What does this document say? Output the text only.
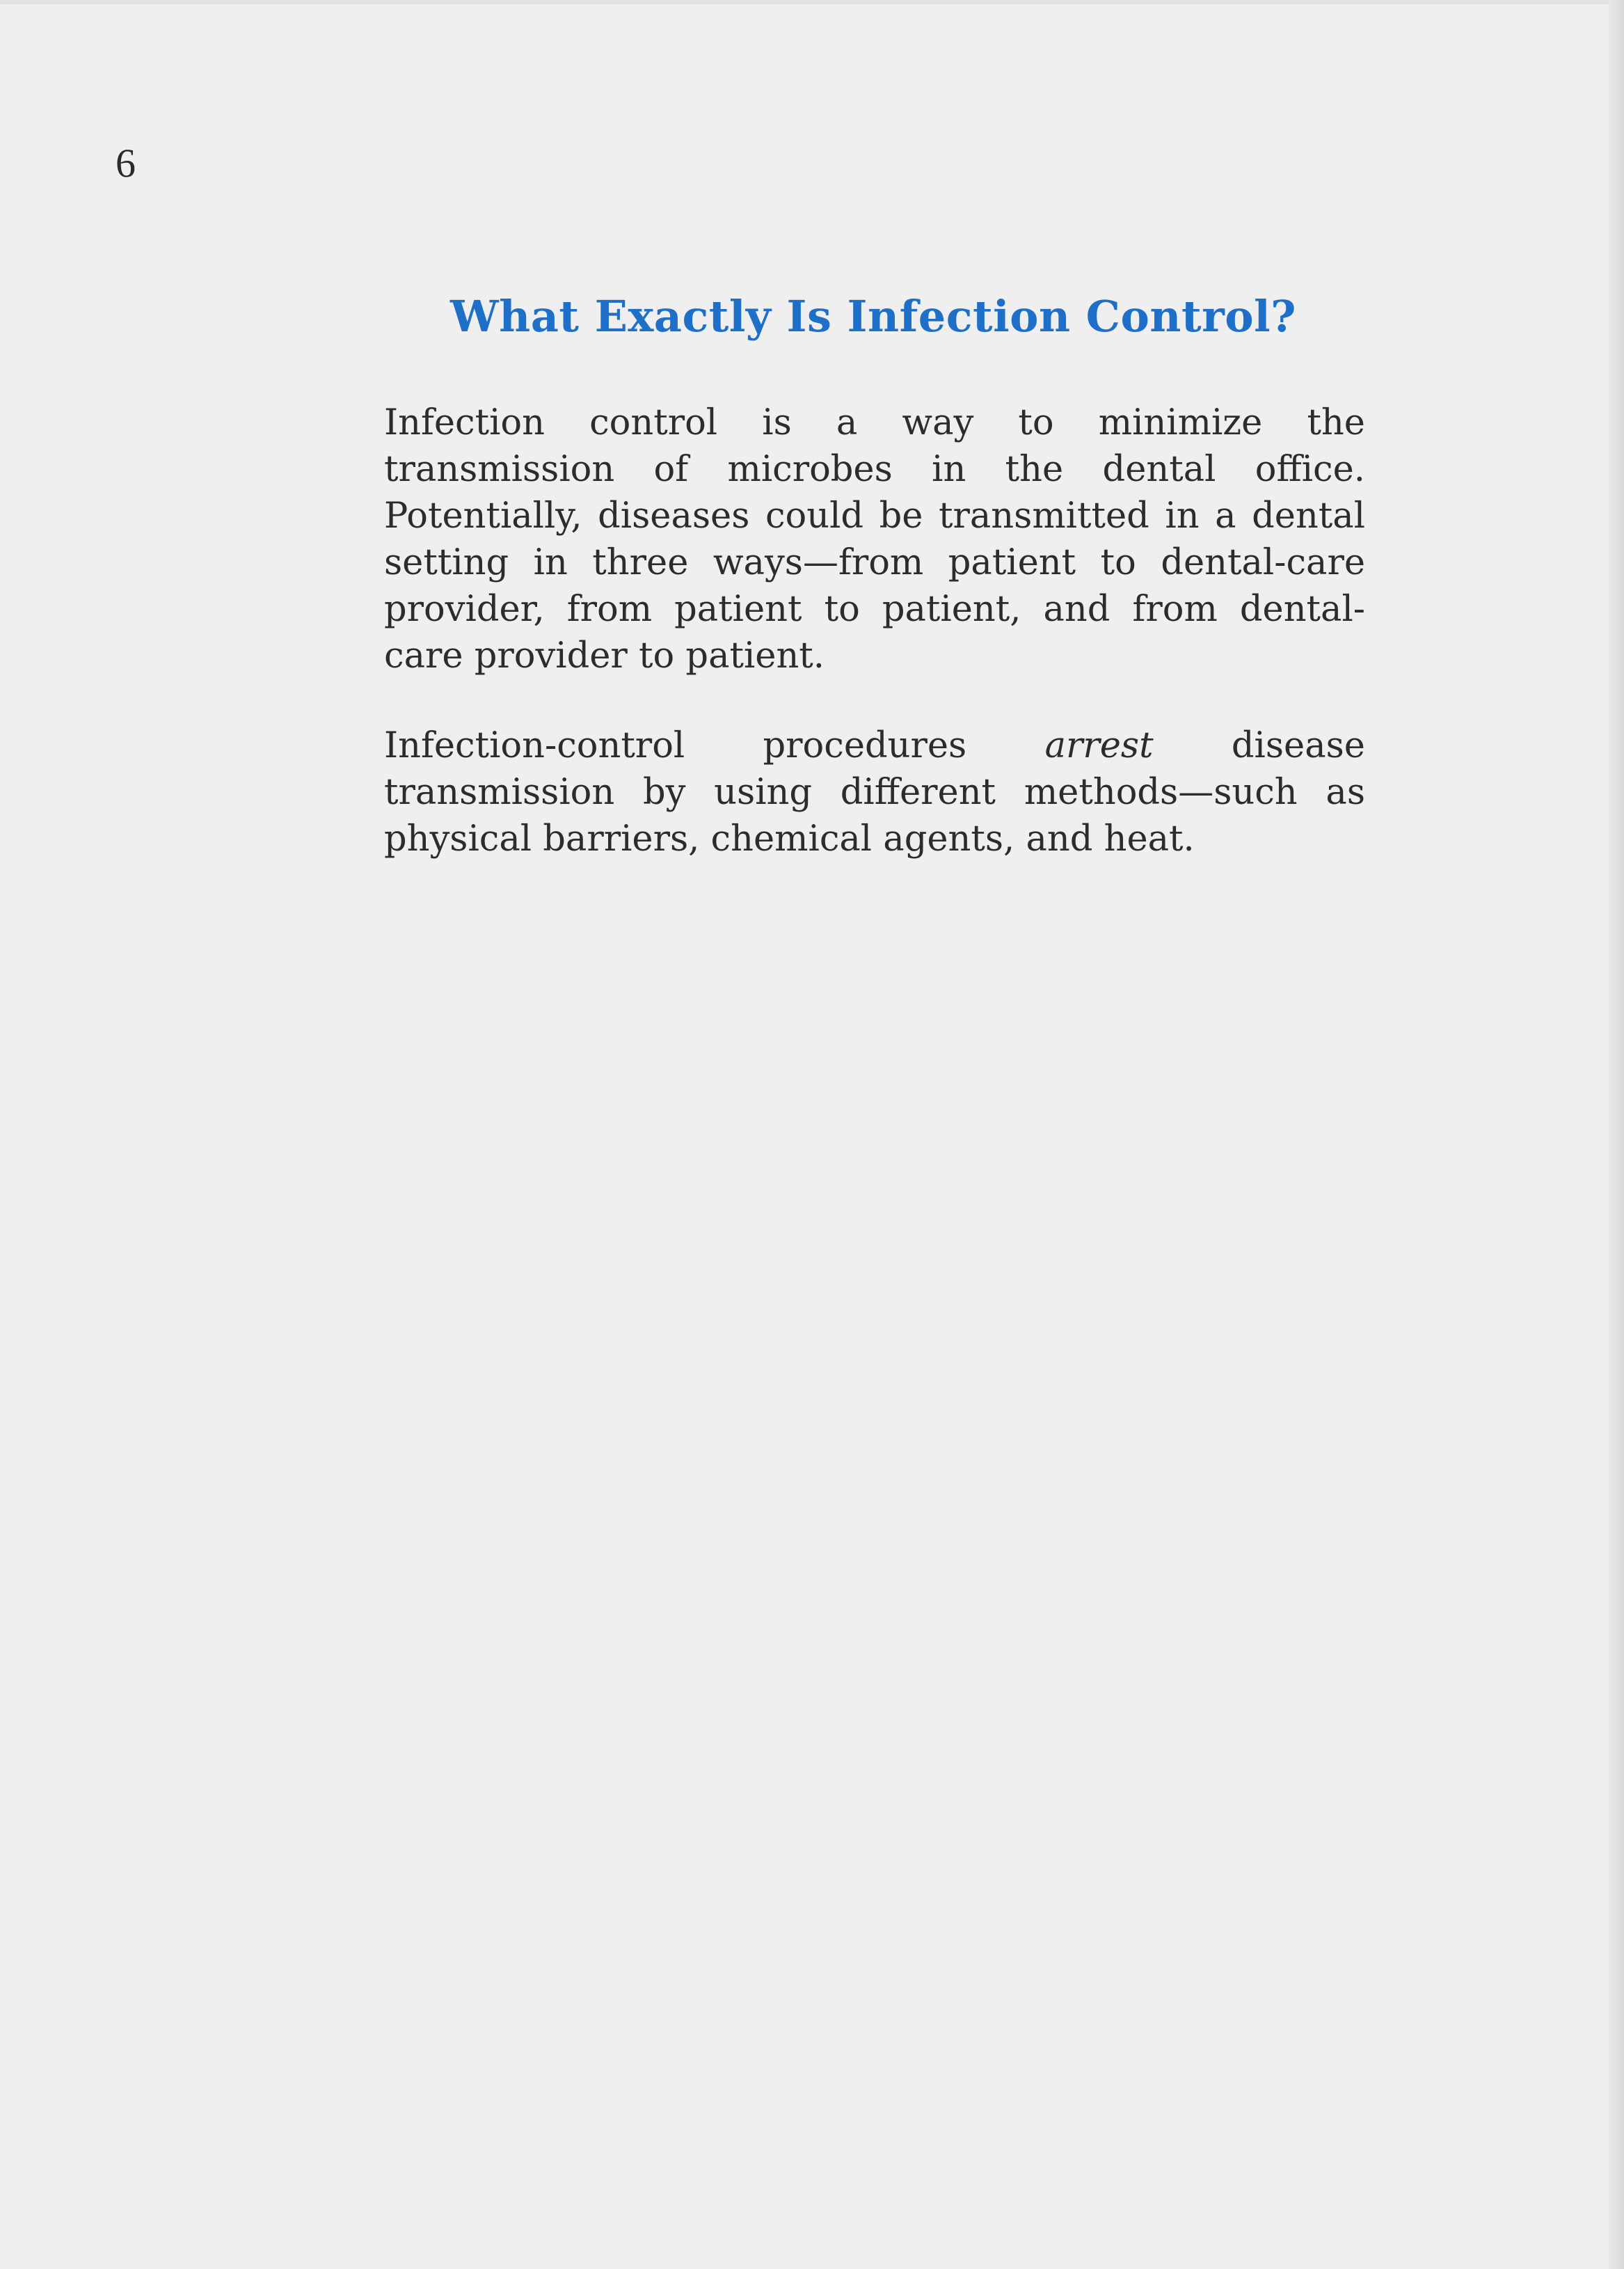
6
What Exactly Is Infection Control?

Infection control is a way to minimize the transmission of microbes in the dental office. Potentially, diseases could be transmitted in a dental setting in three ways—from patient to dental-care provider, from patient to patient, and from dental-care provider to patient.

Infection-control procedures arrest disease transmission by using different methods—such as physical barriers, chemical agents, and heat.
